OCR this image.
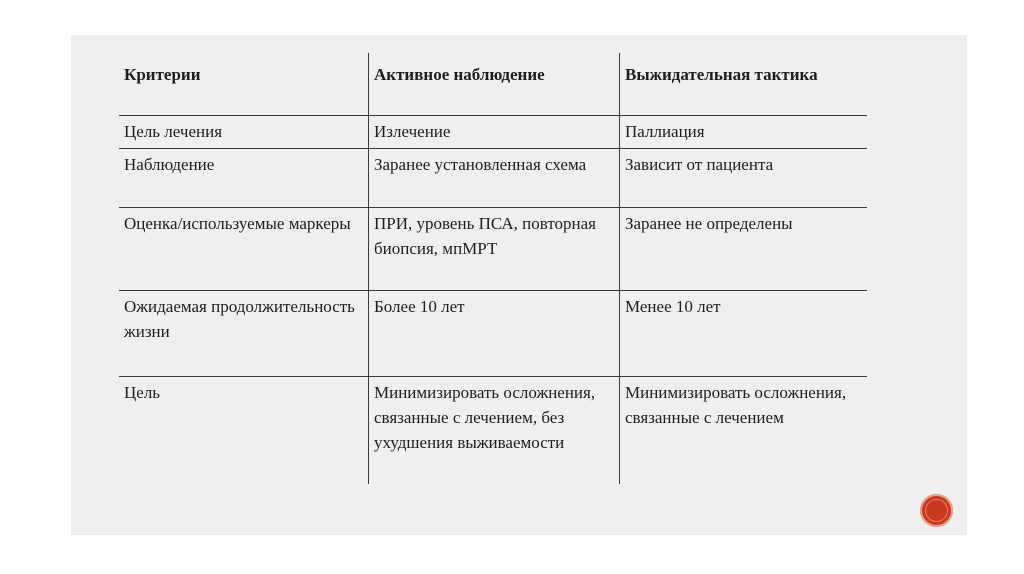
Критерии	Активное наблюдение	Выжидательная тактика
Цель лечения	Излечение	Паллиация
Наблюдение	Заранее установленная схема	Зависит от пациента
Оценка/используемые маркеры	ПРИ, уровень ПСА, повторная биопсия, мпМРТ	Заранее не определены
Ожидаемая продолжительность жизни	Более 10 лет	Менее 10 лет
Цель	Минимизировать осложнения, связанные с лечением, без ухудшения выживаемости	Минимизировать осложнения, связанные с лечением
